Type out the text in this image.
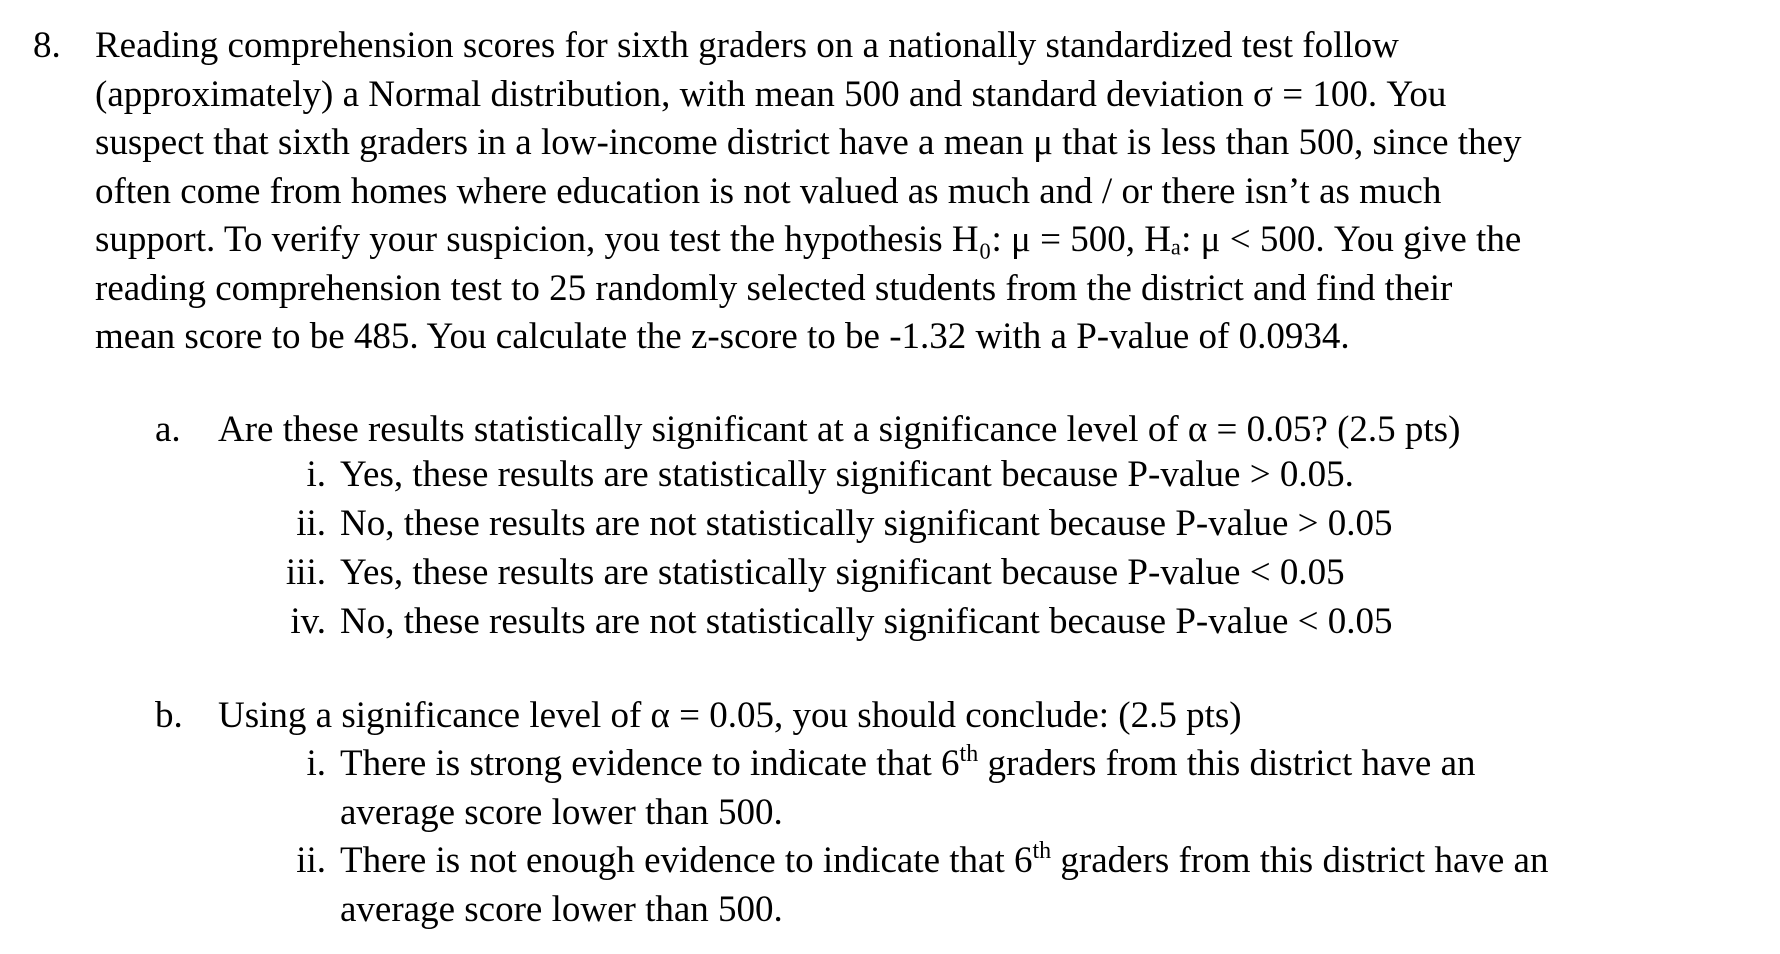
8. Reading comprehension scores for sixth graders on a nationally standardized test follow
(approximately) a Normal distribution, with mean 500 and standard deviation σ = 100. You
suspect that sixth graders in a low-income district have a mean μ that is less than 500, since they
often come from homes where education is not valued as much and / or there isn’t as much
support. To verify your suspicion, you test the hypothesis H₀: μ = 500, Hₐ: μ < 500. You give the
reading comprehension test to 25 randomly selected students from the district and find their
mean score to be 485. You calculate the z-score to be -1.32 with a P-value of 0.0934.
a. Are these results statistically significant at a significance level of α = 0.05? (2.5 pts)
i. Yes, these results are statistically significant because P-value > 0.05.
ii. No, these results are not statistically significant because P-value > 0.05
iii. Yes, these results are statistically significant because P-value < 0.05
iv. No, these results are not statistically significant because P-value < 0.05
b. Using a significance level of α = 0.05, you should conclude: (2.5 pts)
i. There is strong evidence to indicate that 6th graders from this district have an
average score lower than 500.
ii. There is not enough evidence to indicate that 6th graders from this district have an
average score lower than 500.
